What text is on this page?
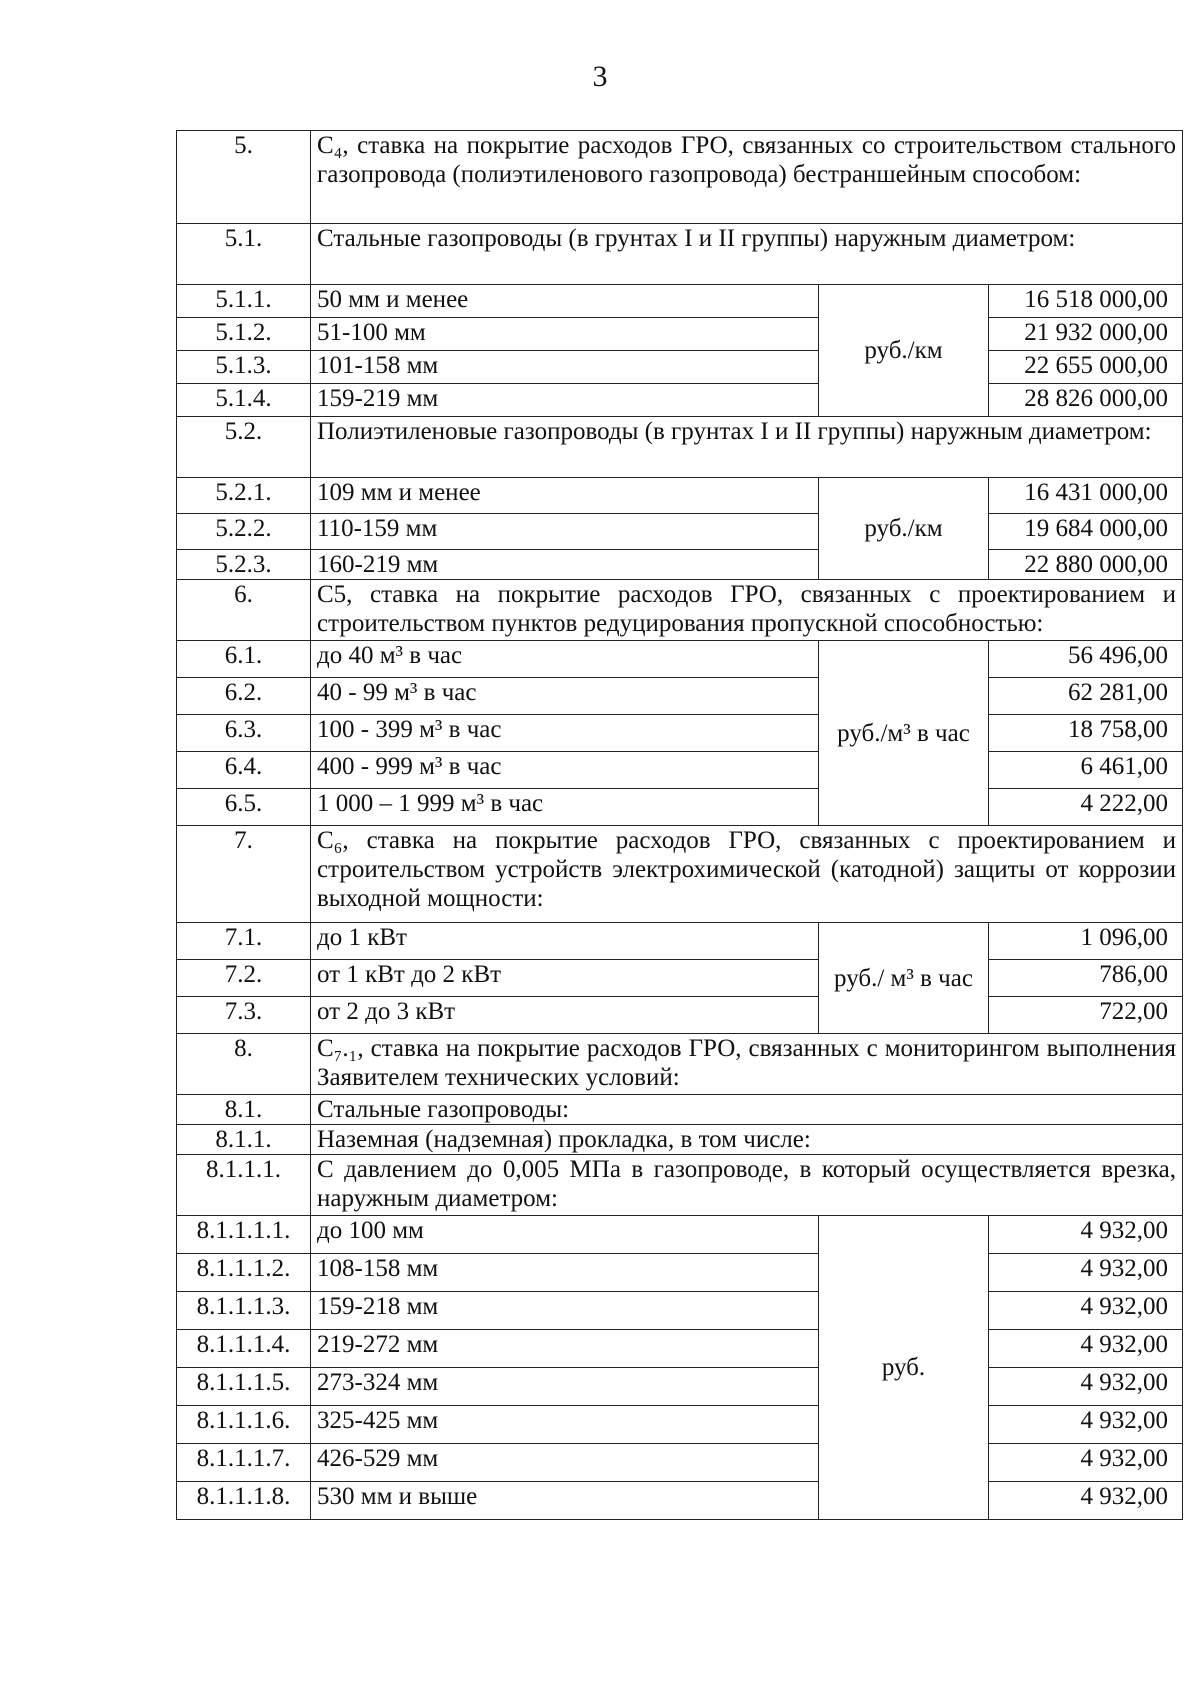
3
5.	С₄, ставка на покрытие расходов ГРО, связанных со строительством стального газопровода (полиэтиленового газопровода) бестраншейным способом:		
5.1.	Стальные газопроводы (в грунтах I и II группы) наружным диаметром:		
5.1.1.	50 мм и менее	руб./км	16 518 000,00
5.1.2.	51-100 мм		21 932 000,00
5.1.3.	101-158 мм		22 655 000,00
5.1.4.	159-219 мм		28 826 000,00
5.2.	Полиэтиленовые газопроводы (в грунтах I и II группы) наружным диаметром:		
5.2.1.	109 мм и менее	руб./км	16 431 000,00
5.2.2.	110-159 мм		19 684 000,00
5.2.3.	160-219 мм		22 880 000,00
6.	С5, ставка на покрытие расходов ГРО, связанных с проектированием и строительством пунктов редуцирования пропускной способностью:		
6.1.	до 40 м³ в час	руб./м³ в час	56 496,00
6.2.	40 - 99 м³ в час		62 281,00
6.3.	100 - 399 м³ в час		18 758,00
6.4.	400 - 999 м³ в час		6 461,00
6.5.	1 000 – 1 999 м³ в час		4 222,00
7.	С₆, ставка на покрытие расходов ГРО, связанных с проектированием и строительством устройств электрохимической (катодной) защиты от коррозии выходной мощности:		
7.1.	до 1 кВт	руб./ м³ в час	1 096,00
7.2.	от 1 кВт до 2 кВт		786,00
7.3.	от 2 до 3 кВт		722,00
8.	С₇.₁, ставка на покрытие расходов ГРО, связанных с мониторингом выполнения Заявителем технических условий:		
8.1.	Стальные газопроводы:		
8.1.1.	Наземная (надземная) прокладка, в том числе:		
8.1.1.1.	С давлением до 0,005 МПа в газопроводе, в который осуществляется врезка, наружным диаметром:		
8.1.1.1.1.	до 100 мм	руб.	4 932,00
8.1.1.1.2.	108-158 мм		4 932,00
8.1.1.1.3.	159-218 мм		4 932,00
8.1.1.1.4.	219-272 мм		4 932,00
8.1.1.1.5.	273-324 мм		4 932,00
8.1.1.1.6.	325-425 мм		4 932,00
8.1.1.1.7.	426-529 мм		4 932,00
8.1.1.1.8.	530 мм и выше		4 932,00
